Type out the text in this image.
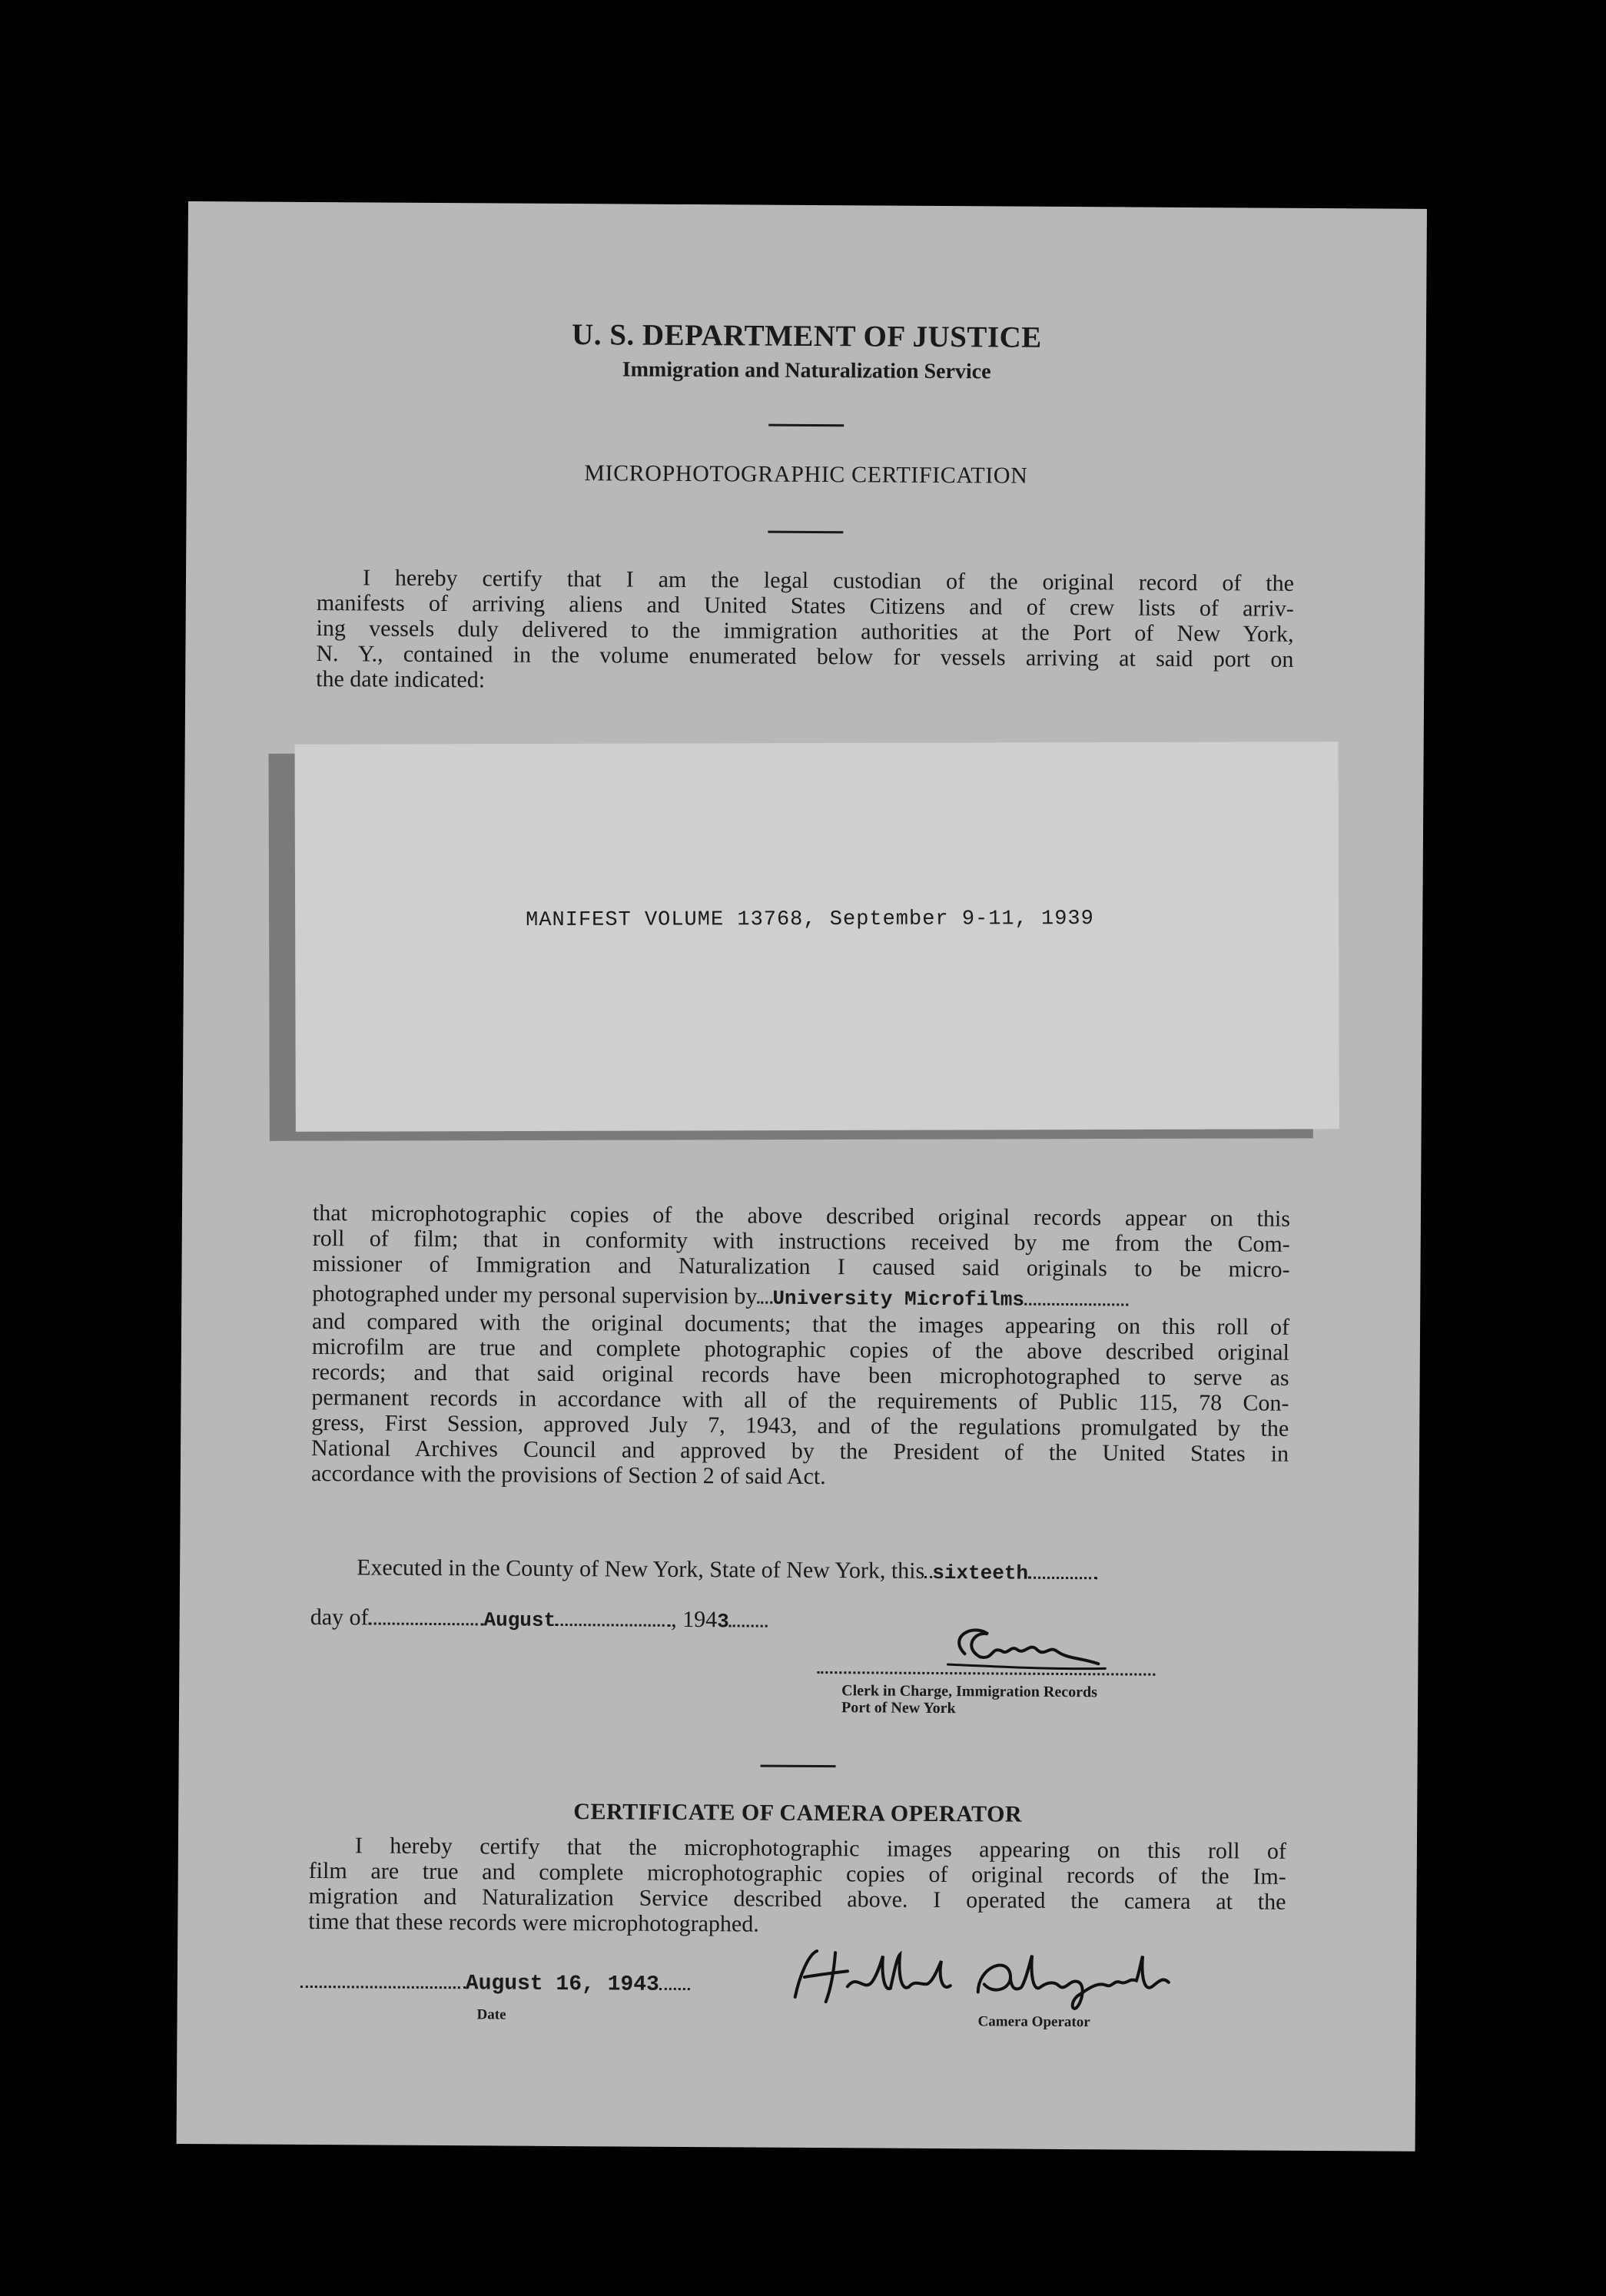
U. S. DEPARTMENT OF JUSTICE
Immigration and Naturalization Service
MICROPHOTOGRAPHIC CERTIFICATION
I hereby certify that I am the legal custodian of the original record of the
manifests of arriving aliens and United States Citizens and of crew lists of arriv-
ing vessels duly delivered to the immigration authorities at the Port of New York,
N. Y., contained in the volume enumerated below for vessels arriving at said port on
the date indicated:
MANIFEST VOLUME 13768, September 9-11, 1939
that microphotographic copies of the above described original records appear on this
roll of film; that in conformity with instructions received by me from the Com-
missioner of Immigration and Naturalization I caused said originals to be micro-
photographed under my personal supervision by University Microfilms
and compared with the original documents; that the images appearing on this roll of
microfilm are true and complete photographic copies of the above described original
records; and that said original records have been microphotographed to serve as
permanent records in accordance with all of the requirements of Public 115, 78 Con-
gress, First Session, approved July 7, 1943, and of the regulations promulgated by the
National Archives Council and approved by the President of the United States in
accordance with the provisions of Section 2 of said Act.
Executed in the County of New York, State of New York, this sixteeth
day of	August	, 1943
Clerk in Charge, Immigration Records
Port of New York
CERTIFICATE OF CAMERA OPERATOR
I hereby certify that the microphotographic images appearing on this roll of
film are true and complete microphotographic copies of original records of the Im-
migration and Naturalization Service described above. I operated the camera at the
time that these records were microphotographed.
August 16, 1943
Date	Camera Operator
